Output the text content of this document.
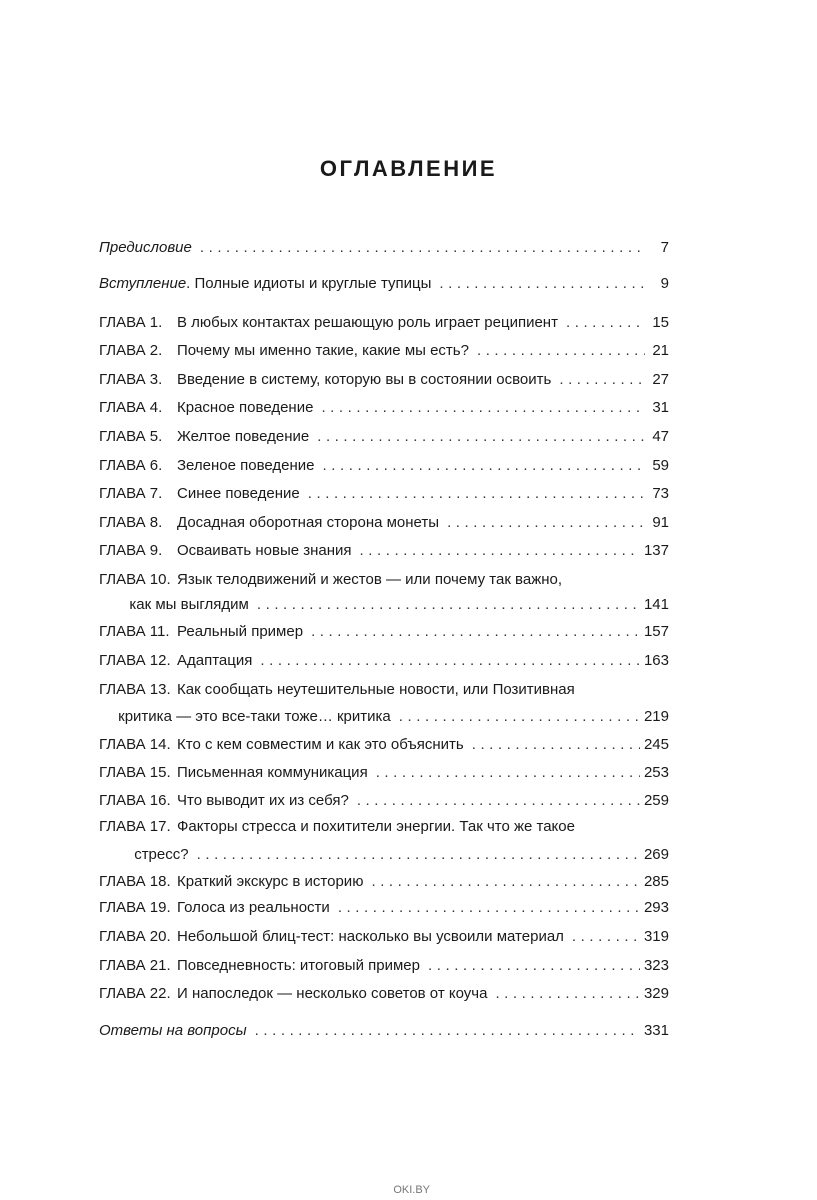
ОГЛАВЛЕНИЕ
Предисловие . . .	7
Вступление. Полные идиоты и круглые тупицы . . .	9
ГЛАВА 1. В любых контактах решающую роль играет реципиент . . .	15
ГЛАВА 2. Почему мы именно такие, какие мы есть? . . .	21
ГЛАВА 3. Введение в систему, которую вы в состоянии освоить . . .	27
ГЛАВА 4. Красное поведение . . .	31
ГЛАВА 5. Желтое поведение . . .	47
ГЛАВА 6. Зеленое поведение . . .	59
ГЛАВА 7. Синее поведение . . .	73
ГЛАВА 8. Досадная оборотная сторона монеты . . .	91
ГЛАВА 9. Осваивать новые знания . . .	137
ГЛАВА 10. Язык телодвижений и жестов — или почему так важно,
как мы выглядим . . .	141
ГЛАВА 11. Реальный пример . . .	157
ГЛАВА 12. Адаптация . . .	163
ГЛАВА 13. Как сообщать неутешительные новости, или Позитивная
критика — это все-таки тоже… критика . . .	219
ГЛАВА 14. Кто с кем совместим и как это объяснить . . .	245
ГЛАВА 15. Письменная коммуникация . . .	253
ГЛАВА 16. Что выводит их из себя? . . .	259
ГЛАВА 17. Факторы стресса и похитители энергии. Так что же такое
стресс? . . .	269
ГЛАВА 18. Краткий экскурс в историю . . .	285
ГЛАВА 19. Голоса из реальности . . .	293
ГЛАВА 20. Небольшой блиц-тест: насколько вы усвоили материал . . .	319
ГЛАВА 21. Повседневность: итоговый пример . . .	323
ГЛАВА 22. И напоследок — несколько советов от коуча . . .	329
Ответы на вопросы . . .	331
OKI.BY
